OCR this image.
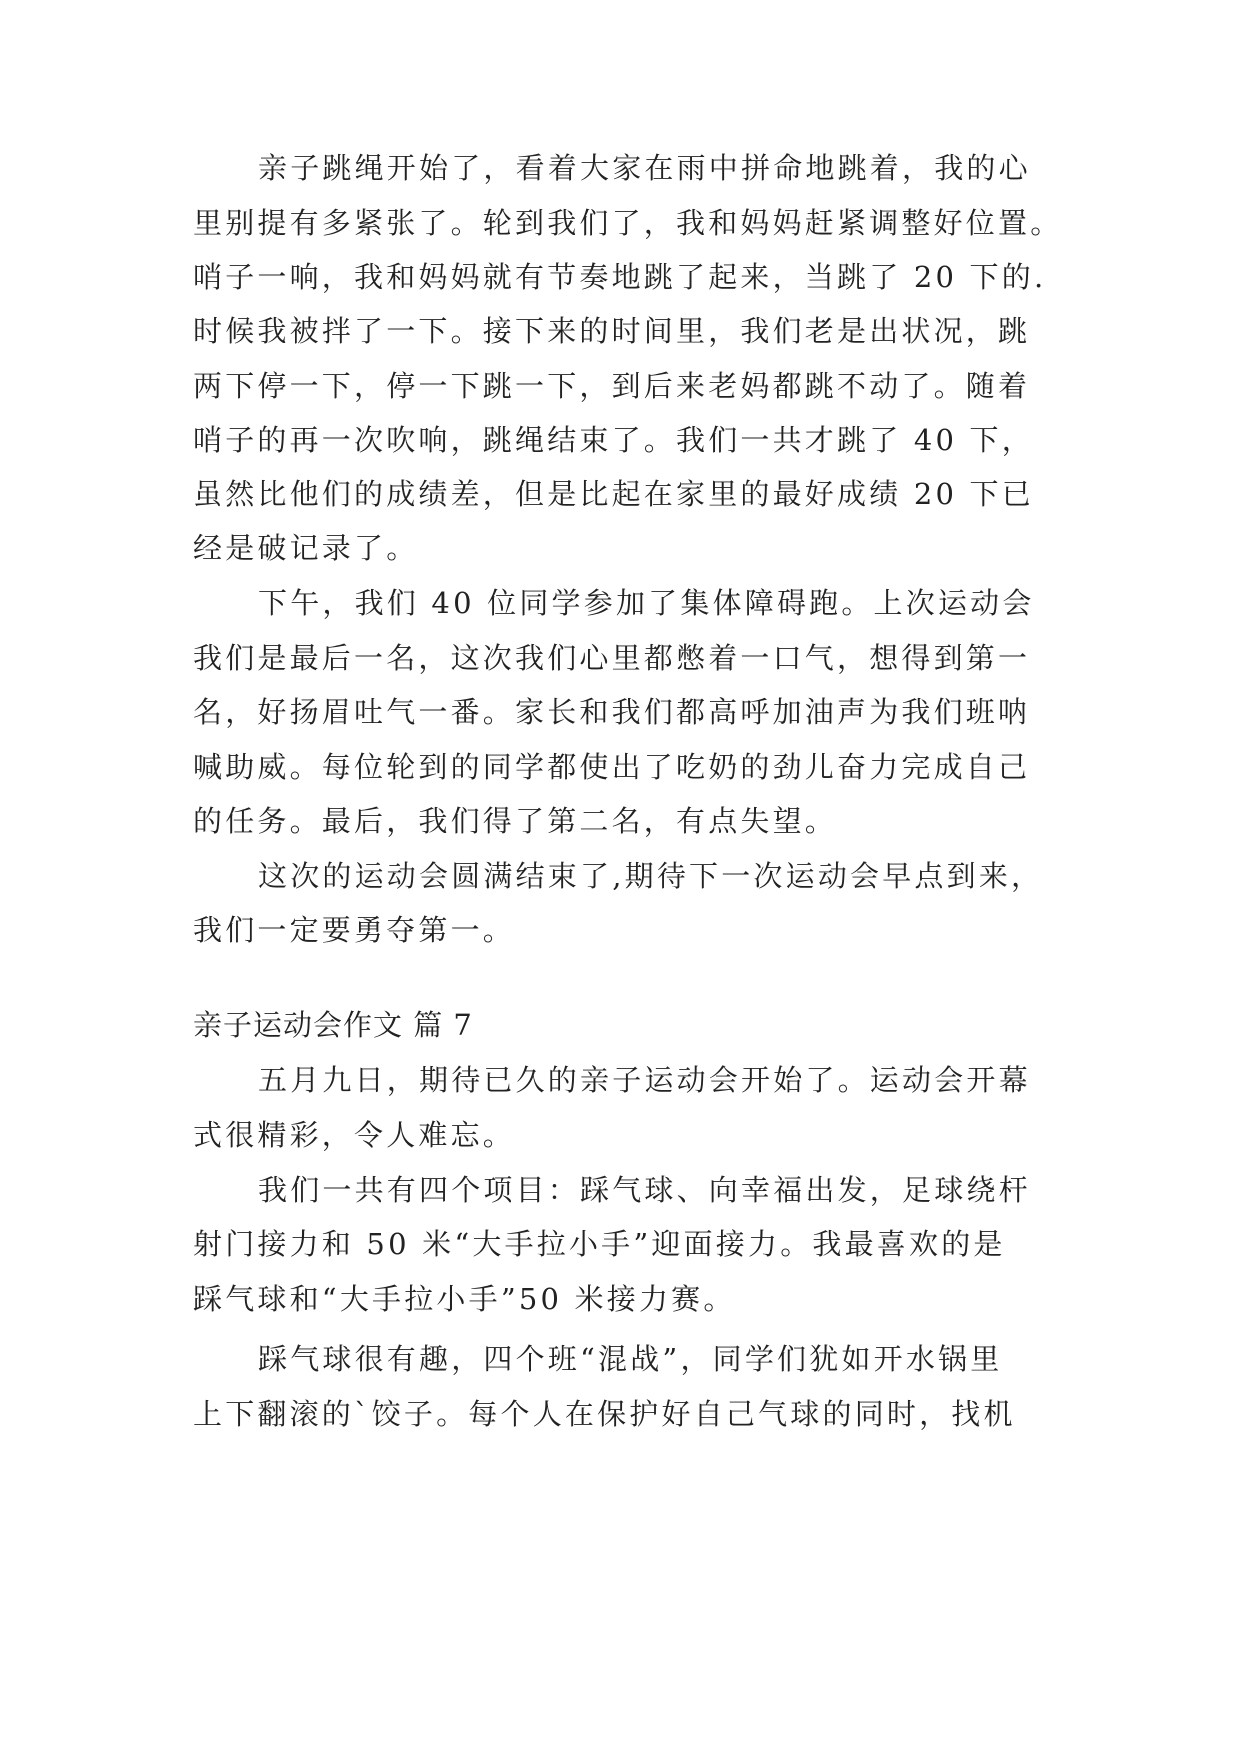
亲子跳绳开始了，看着大家在雨中拼命地跳着，我的心
里别提有多紧张了。轮到我们了，我和妈妈赶紧调整好位置。
哨子一响，我和妈妈就有节奏地跳了起来，当跳了 20 下的.
时候我被拌了一下。接下来的时间里，我们老是出状况，跳
两下停一下，停一下跳一下，到后来老妈都跳不动了。随着
哨子的再一次吹响，跳绳结束了。我们一共才跳了 40 下，
虽然比他们的成绩差，但是比起在家里的最好成绩 20 下已
经是破记录了。
下午，我们 40 位同学参加了集体障碍跑。上次运动会
我们是最后一名，这次我们心里都憋着一口气，想得到第一
名，好扬眉吐气一番。家长和我们都高呼加油声为我们班呐
喊助威。每位轮到的同学都使出了吃奶的劲儿奋力完成自己
的任务。最后，我们得了第二名，有点失望。
这次的运动会圆满结束了,期待下一次运动会早点到来，
我们一定要勇夺第一。
亲子运动会作文 篇 7
五月九日，期待已久的亲子运动会开始了。运动会开幕
式很精彩，令人难忘。
我们一共有四个项目：踩气球、向幸福出发，足球绕杆
射门接力和 50 米“大手拉小手”迎面接力。我最喜欢的是
踩气球和“大手拉小手”50 米接力赛。
踩气球很有趣，四个班“混战”，同学们犹如开水锅里
上下翻滚的`饺子。每个人在保护好自己气球的同时，找机
